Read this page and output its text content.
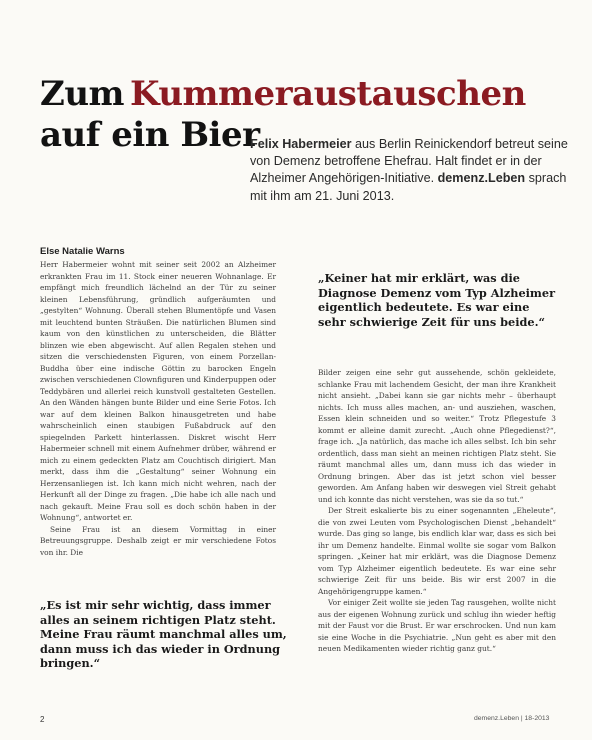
Zum Kummeraustauschen
auf ein Bier

Felix Habermeier aus Berlin Reinickendorf betreut seine von Demenz betroffene Ehefrau. Halt findet er in der Alzheimer Angehörigen-Initiative. demenz.Leben sprach mit ihm am 21. Juni 2013.

Else Natalie Warns

Herr Habermeier wohnt mit seiner seit 2002 an Alzheimer erkrankten Frau im 11. Stock einer neueren Wohnanlage. Er empfängt mich freundlich lächelnd an der Tür zu seiner kleinen Lebensführung, gründlich aufgeräumten und „gestylten“ Wohnung. Überall stehen Blumentöpfe und Vasen mit leuchtend bunten Sträußen. Die natürlichen Blumen sind kaum von den künstlichen zu unterscheiden, die Blätter blinzen wie eben abgewischt. Auf allen Regalen stehen und sitzen die verschiedensten Figuren, von einem Porzellan-Buddha über eine indische Göttin zu barocken Engeln zwischen verschiedenen Clownfiguren und Kinderpuppen oder Teddybären und allerlei reich kunstvoll gestalteten Gestellen. An den Wänden hängen bunte Bilder und eine Serie Fotos. Ich war auf dem kleinen Balkon hinausgetreten und habe wahrscheinlich einen staubigen Fußabdruck auf den spiegelnden Parkett hinterlassen. Diskret wischt Herr Habermeier schnell mit einem Aufnehmer drüber, während er mich zu einem gedeckten Platz am Couchtisch dirigiert. Man merkt, dass ihm die „Gestaltung“ seiner Wohnung ein Herzensanliegen ist. Ich kann mich nicht wehren, nach der Herkunft all der Dinge zu fragen. „Die habe ich alle nach und nach gekauft. Meine Frau soll es doch schön haben in der Wohnung“, antwortet er.

Seine Frau ist an diesem Vormittag in einer Betreuungsgruppe. Deshalb zeigt er mir verschiedene Fotos von ihr. Die

„Keiner hat mir erklärt, was die Diagnose Demenz vom Typ Alzheimer eigentlich bedeutete. Es war eine sehr schwierige Zeit für uns beide.“

Bilder zeigen eine sehr gut aussehende, schön gekleidete, schlanke Frau mit lachendem Gesicht, der man ihre Krankheit nicht ansieht. „Dabei kann sie gar nichts mehr – überhaupt nichts. Ich muss alles machen, an- und ausziehen, waschen, Essen klein schneiden und so weiter.“ Trotz Pflegestufe 3 kommt er alleine damit zurecht. „Auch ohne Pflegedienst?“, frage ich. „Ja natürlich, das mache ich alles selbst. Ich bin sehr ordentlich, dass man sieht an meinen richtigen Platz steht. Sie räumt manchmal alles um, dann muss ich das wieder in Ordnung bringen. Aber das ist jetzt schon viel besser geworden. Am Anfang haben wir deswegen viel Streit gehabt und ich konnte das nicht verstehen, was sie da so tut.“

Der Streit eskalierte bis zu einer sogenannten „Eheleute“, die von zwei Leuten vom Psychologischen Dienst „behandelt“ wurde. Das ging so lange, bis endlich klar war, dass es sich bei ihr um Demenz handelte. Einmal wollte sie sogar vom Balkon springen. „Keiner hat mir erklärt, was die Diagnose Demenz vom Typ Alzheimer eigentlich bedeutete. Es war eine sehr schwierige Zeit für uns beide. Bis wir erst 2007 in die Angehörigengruppe kamen.“

Vor einiger Zeit wollte sie jeden Tag rausgehen, wollte nicht aus der eigenen Wohnung zurück und schlug ihn wieder heftig mit der Faust vor die Brust. Er war erschrocken. Und nun kam sie eine Woche in die Psychiatrie. „Nun geht es aber mit den neuen Medikamenten wieder richtig ganz gut.“

„Es ist mir sehr wichtig, dass immer alles an seinem richtigen Platz steht. Meine Frau räumt manchmal alles um, dann muss ich das wieder in Ordnung bringen.“

2	demenz.Leben | 18-2013
